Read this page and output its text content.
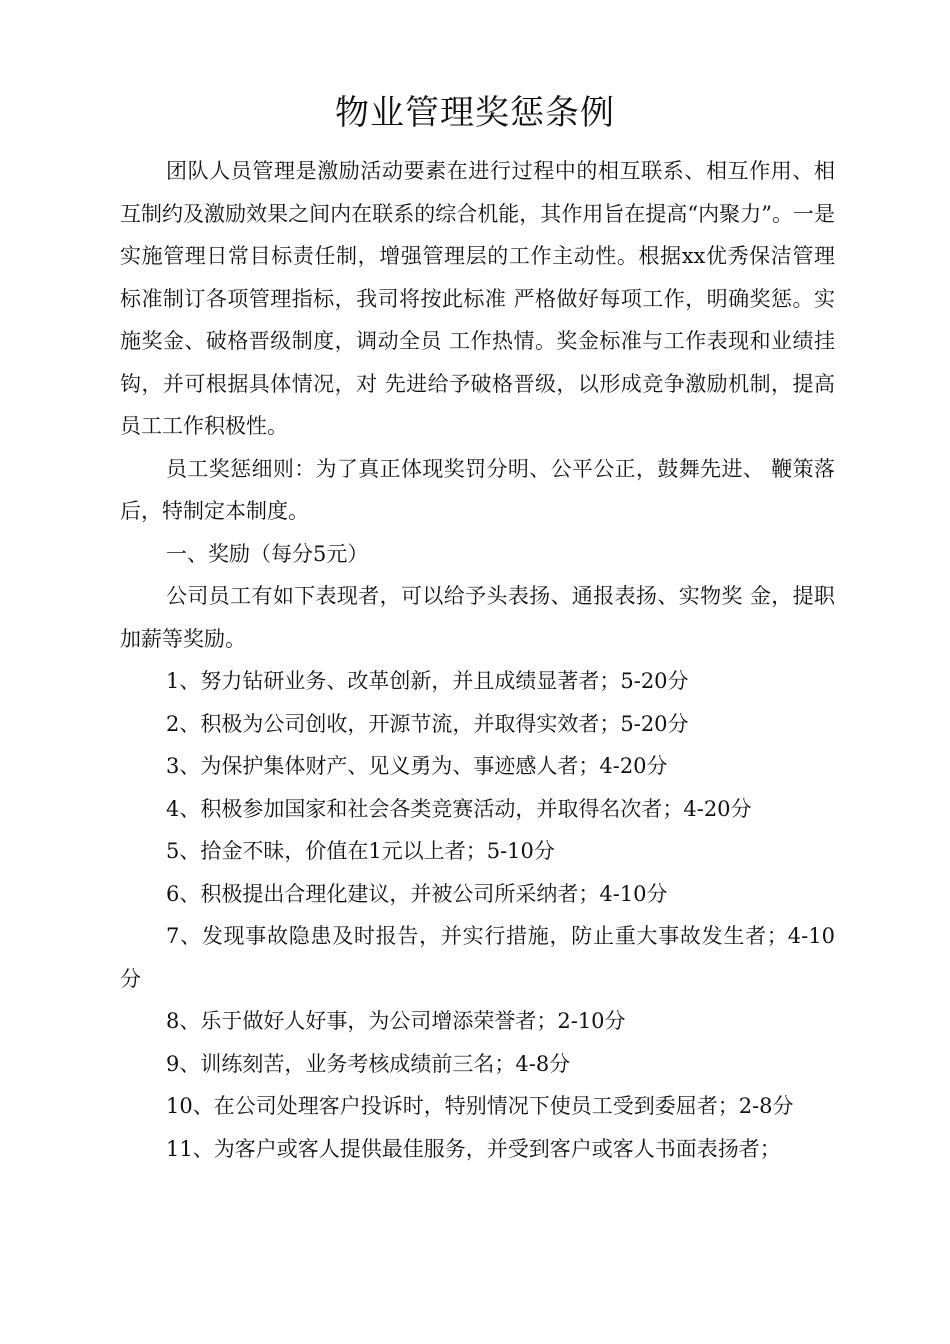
物业管理奖惩条例

团队人员管理是激励活动要素在进行过程中的相互联系、相互作用、相互制约及激励效果之间内在联系的综合机能，其作用旨在提高“内聚力”。一是实施管理日常目标责任制，增强管理层的工作主动性。根据xx优秀保洁管理标准制订各项管理指标，我司将按此标准 严格做好每项工作，明确奖惩。实施奖金、破格晋级制度，调动全员 工作热情。奖金标准与工作表现和业绩挂钩，并可根据具体情况，对 先进给予破格晋级，以形成竞争激励机制，提高员工工作积极性。

员工奖惩细则：为了真正体现奖罚分明、公平公正，鼓舞先进、 鞭策落后，特制定本制度。

一、奖励（每分5元）

公司员工有如下表现者，可以给予头表扬、通报表扬、实物奖 金，提职加薪等奖励。

1、努力钻研业务、改革创新，并且成绩显著者；5-20分

2、积极为公司创收，开源节流，并取得实效者；5-20分

3、为保护集体财产、见义勇为、事迹感人者；4-20分

4、积极参加国家和社会各类竞赛活动，并取得名次者；4-20分

5、拾金不昧，价值在1元以上者；5-10分

6、积极提出合理化建议，并被公司所采纳者；4-10分

7、发现事故隐患及时报告，并实行措施，防止重大事故发生者；4-10分

8、乐于做好人好事，为公司增添荣誉者；2-10分

9、训练刻苦，业务考核成绩前三名；4-8分

10、在公司处理客户投诉时，特别情况下使员工受到委屈者；2-8分

11、为客户或客人提供最佳服务，并受到客户或客人书面表扬者；
